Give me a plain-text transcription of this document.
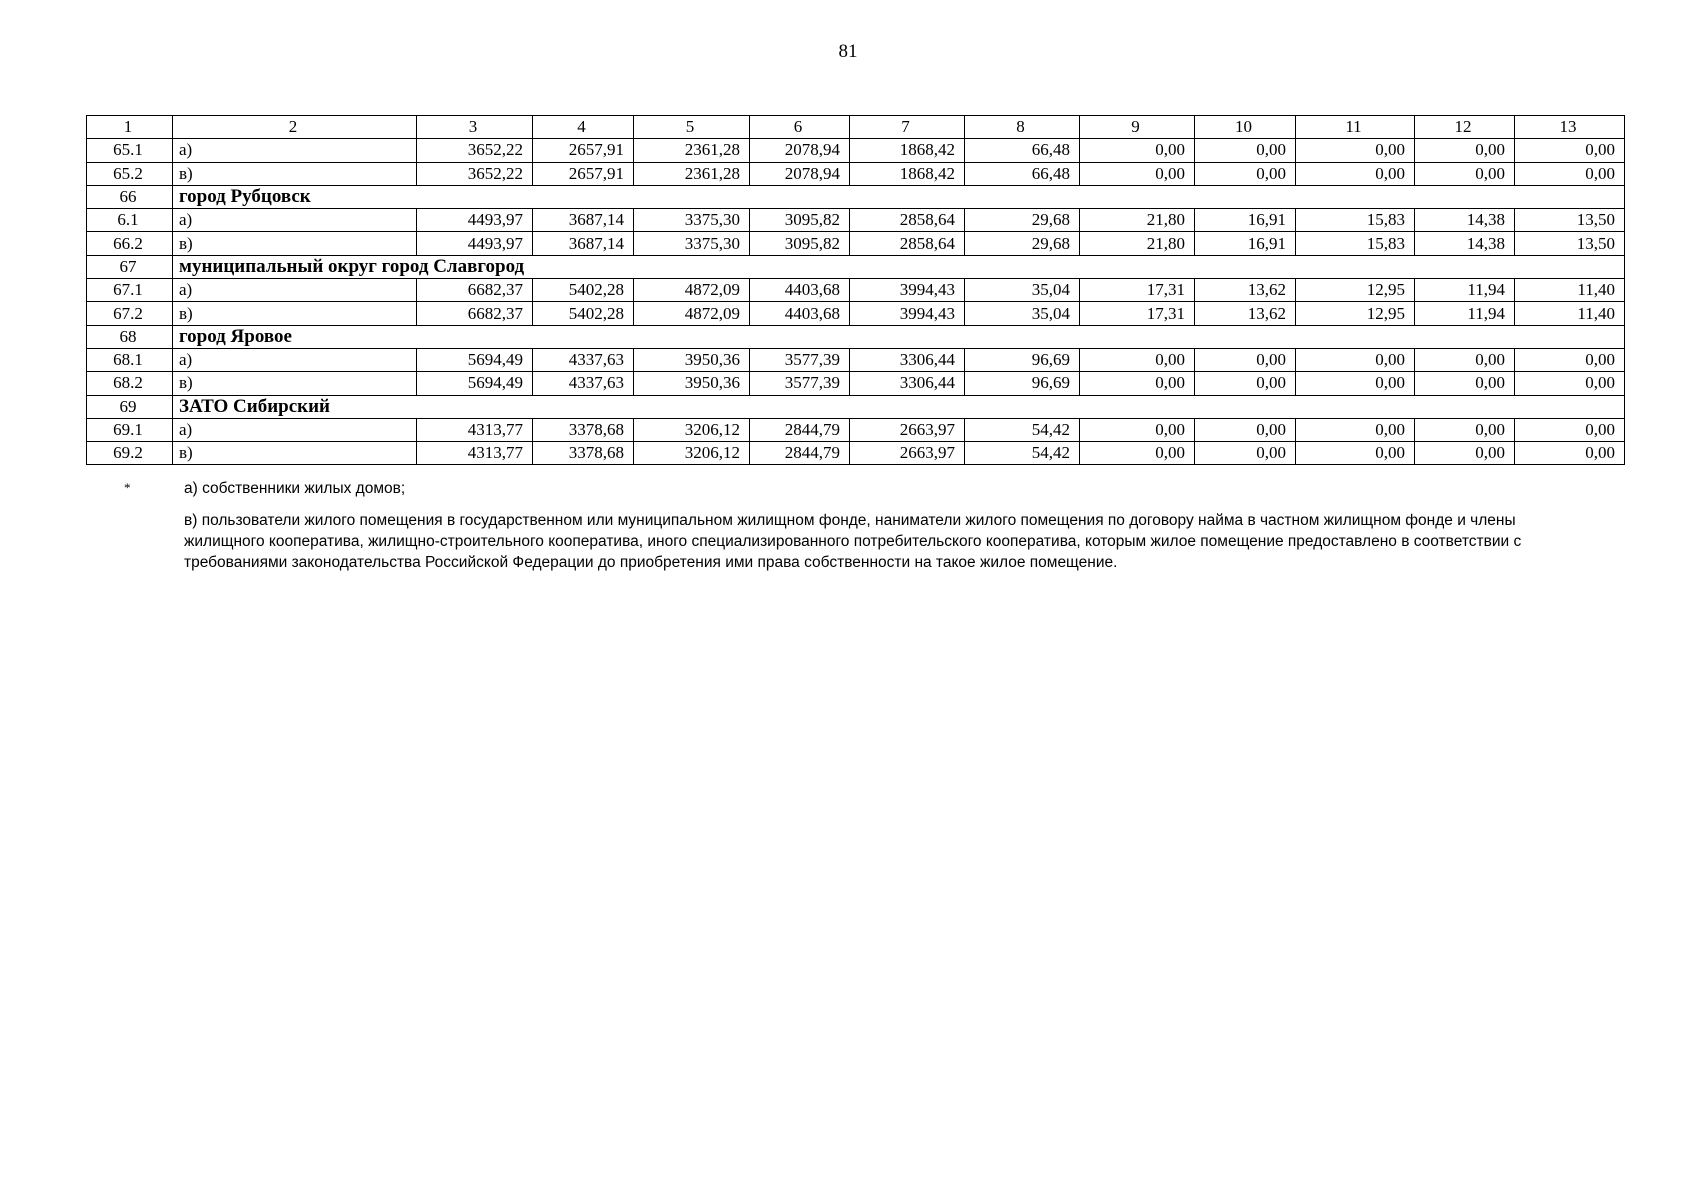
81
1	2	3	4	5	6	7	8	9	10	11	12	13
65.1	а)	3652,22	2657,91	2361,28	2078,94	1868,42	66,48	0,00	0,00	0,00	0,00	0,00
65.2	в)	3652,22	2657,91	2361,28	2078,94	1868,42	66,48	0,00	0,00	0,00	0,00	0,00
66	город Рубцовск											
6.1	а)	4493,97	3687,14	3375,30	3095,82	2858,64	29,68	21,80	16,91	15,83	14,38	13,50
66.2	в)	4493,97	3687,14	3375,30	3095,82	2858,64	29,68	21,80	16,91	15,83	14,38	13,50
67	муниципальный округ город Славгород											
67.1	а)	6682,37	5402,28	4872,09	4403,68	3994,43	35,04	17,31	13,62	12,95	11,94	11,40
67.2	в)	6682,37	5402,28	4872,09	4403,68	3994,43	35,04	17,31	13,62	12,95	11,94	11,40
68	город Яровое											
68.1	а)	5694,49	4337,63	3950,36	3577,39	3306,44	96,69	0,00	0,00	0,00	0,00	0,00
68.2	в)	5694,49	4337,63	3950,36	3577,39	3306,44	96,69	0,00	0,00	0,00	0,00	0,00
69	ЗАТО Сибирский											
69.1	а)	4313,77	3378,68	3206,12	2844,79	2663,97	54,42	0,00	0,00	0,00	0,00	0,00
69.2	в)	4313,77	3378,68	3206,12	2844,79	2663,97	54,42	0,00	0,00	0,00	0,00	0,00
*	а) собственники жилых домов;
в) пользователи жилого помещения в государственном или муниципальном жилищном фонде, наниматели жилого помещения по договору найма в частном жилищном фонде и члены жилищного кооператива, жилищно-строительного кооператива, иного специализированного потребительского кооператива, которым жилое помещение предоставлено в соответствии с требованиями законодательства Российской Федерации до приобретения ими права собственности на такое жилое помещение.
